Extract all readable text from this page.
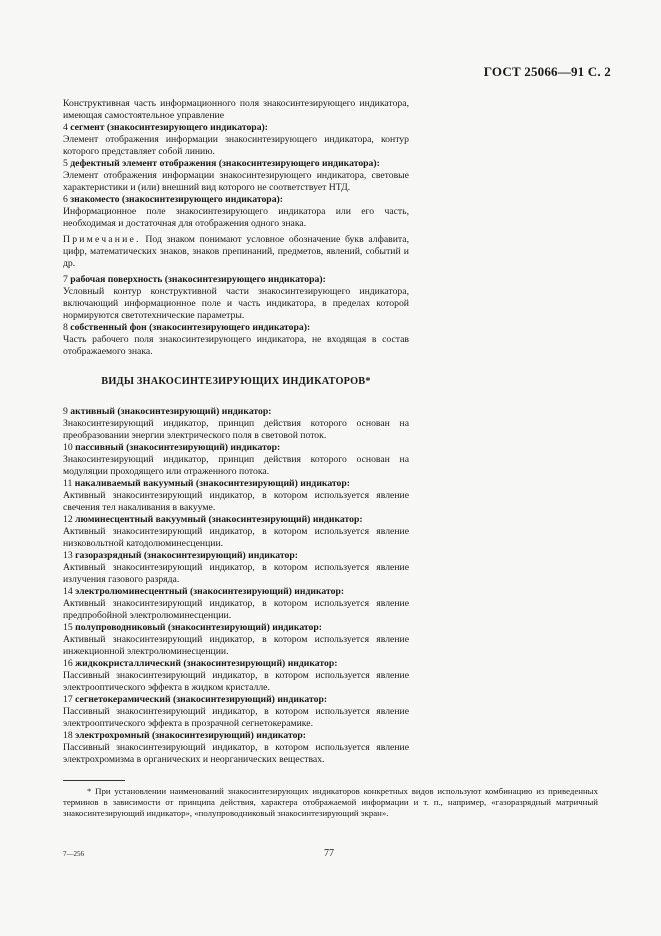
ГОСТ 25066—91 С. 2

Конструктивная часть информационного поля знакосинтезирующего индикатора, имеющая самостоятельное управление

4 сегмент (знакосинтезирующего индикатора):

Элемент отображения информации знакосинтезирующего индикатора, контур которого представляет собой линию.

5 дефектный элемент отображения (знакосинтезирующего индикатора):

Элемент отображения информации знакосинтезирующего индикатора, световые характеристики и (или) внешний вид которого не соответствует НТД.

6 знакоместо (знакосинтезирующего индикатора):

Информационное поле знакосинтезирующего индикатора или его часть, необходимая и достаточная для отображения одного знака.

Примечание. Под знаком понимают условное обозначение букв алфавита, цифр, математических знаков, знаков препинаний, предметов, явлений, событий и др.

7 рабочая поверхность (знакосинтезирующего индикатора):

Условный контур конструктивной части знакосинтезирующего индикатора, включающий информационное поле и часть индикатора, в пределах которой нормируются светотехнические параметры.

8 собственный фон (знакосинтезирующего индикатора):

Часть рабочего поля знакосинтезирующего индикатора, не входящая в состав отображаемого знака.

ВИДЫ ЗНАКОСИНТЕЗИРУЮЩИХ ИНДИКАТОРОВ*

9 активный (знакосинтезирующий) индикатор:

Знакосинтезирующий индикатор, принцип действия которого основан на преобразовании энергии электрического поля в световой поток.

10 пассивный (знакосинтезирующий) индикатор:

Знакосинтезирующий индикатор, принцип действия которого основан на модуляции проходящего или отраженного потока.

11 накаливаемый вакуумный (знакосинтезирующий) индикатор:

Активный знакосинтезирующий индикатор, в котором используется явление свечения тел накаливания в вакууме.

12 люминесцентный вакуумный (знакосинтезирующий) индикатор:

Активный знакосинтезирующий индикатор, в котором используется явление низковольтной катодолюминесценции.

13 газоразрядный (знакосинтезирующий) индикатор:

Активный знакосинтезирующий индикатор, в котором используется явление излучения газового разряда.

14 электролюминесцентный (знакосинтезирующий) индикатор:

Активный знакосинтезирующий индикатор, в котором используется явление предпробойной электролюминесценции.

15 полупроводниковый (знакосинтезирующий) индикатор:

Активный знакосинтезирующий индикатор, в котором используется явление инжекционной электролюминесценции.

16 жидкокристаллический (знакосинтезирующий) индикатор:

Пассивный знакосинтезирующий индикатор, в котором используется явление электрооптического эффекта в жидком кристалле.

17 сегнетокерамический (знакосинтезирующий) индикатор:

Пассивный знакосинтезирующий индикатор, в котором используется явление электрооптического эффекта в прозрачной сегнетокерамике.

18 электрохромный (знакосинтезирующий) индикатор:

Пассивный знакосинтезирующий индикатор, в котором используется явление электрохромизма в органических и неорганических веществах.

* При установлении наименований знакосинтезирующих индикаторов конкретных видов используют комбинацию из приведенных терминов в зависимости от принципа действия, характера отображаемой информации и т. п., например, «газоразрядный матричный знакосинтезирующий индикатор», «полупроводниковый знакосинтезирующий экран».
7—256	77
